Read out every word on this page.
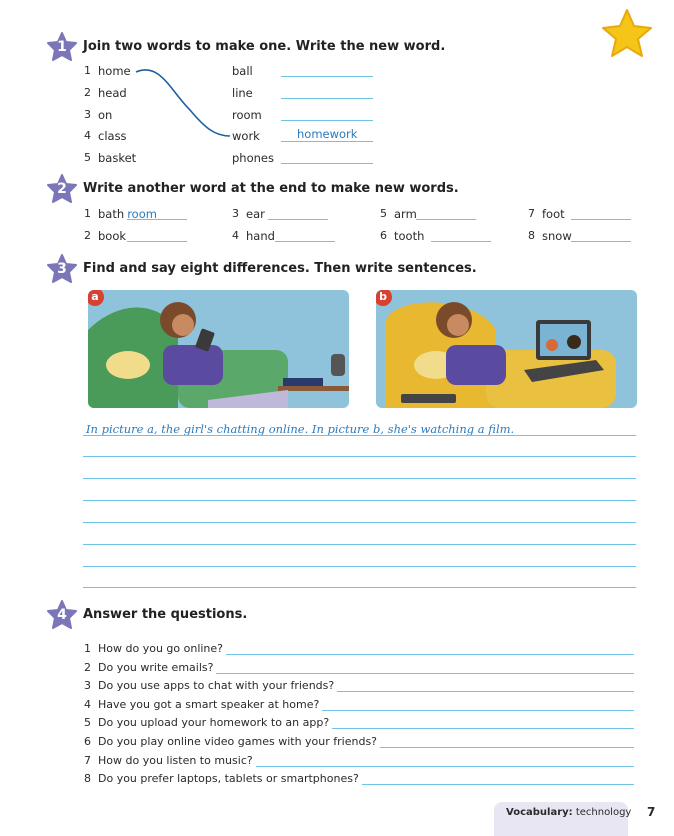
1	Join two words to make one. Write the new word.
1 home	ball
2 head	line
3 on	room
4 class	work	homework
5 basket	phones
2	Write another word at the end to make new words.
1 bath room
2 book
3 ear
4 hand
5 arm
6 tooth
7 foot
8 snow
3	Find and say eight differences. Then write sentences.
a	b
In picture a, the girl's chatting online. In picture b, she's watching a film.
4	Answer the questions.
1 How do you go online?
2 Do you write emails?
3 Do you use apps to chat with your friends?
4 Have you got a smart speaker at home?
5 Do you upload your homework to an app?
6 Do you play online video games with your friends?
7 How do you listen to music?
8 Do you prefer laptops, tablets or smartphones?
Vocabulary: technology 7
